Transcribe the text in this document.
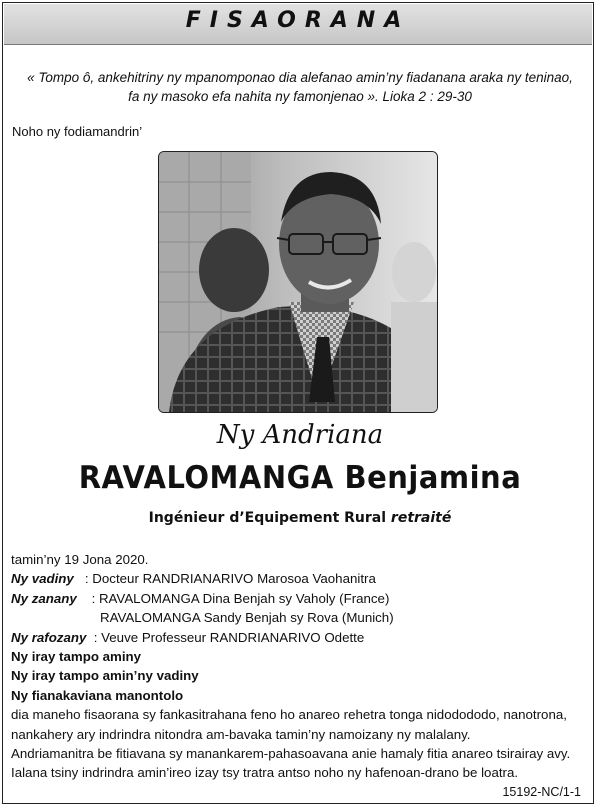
FISAORANA
« Tompo ô, ankehitriny ny mpanomponao dia alefanao amin’ny fiadanana araka ny teninao,
fa ny masoko efa nahita ny famonjenao ». Lioka 2 : 29-30
Noho ny fodiamandrin’
Ny Andriana
RAVALOMANGA Benjamina
Ingénieur d’Equipement Rural retraité
tamin’ny 19 Jona 2020.
Ny vadiny : Docteur RANDRIANARIVO Marosoa Vaohanitra
Ny zanany : RAVALOMANGA Dina Benjah sy Vaholy (France)
RAVALOMANGA Sandy Benjah sy Rova (Munich)
Ny rafozany : Veuve Professeur RANDRIANARIVO Odette
Ny iray tampo aminy
Ny iray tampo amin’ny vadiny
Ny fianakaviana manontolo
dia maneho fisaorana sy fankasitrahana feno ho anareo rehetra tonga nidodododo, nanotrona,
nankahery ary indrindra nitondra am-bavaka tamin’ny namoizany ny malalany.
Andriamanitra be fitiavana sy manankarem-pahasoavana anie hamaly fitia anareo tsirairay avy.
Ialana tsiny indrindra amin’ireo izay tsy tratra antso noho ny hafenoan-drano be loatra.
15192-NC/1-1
